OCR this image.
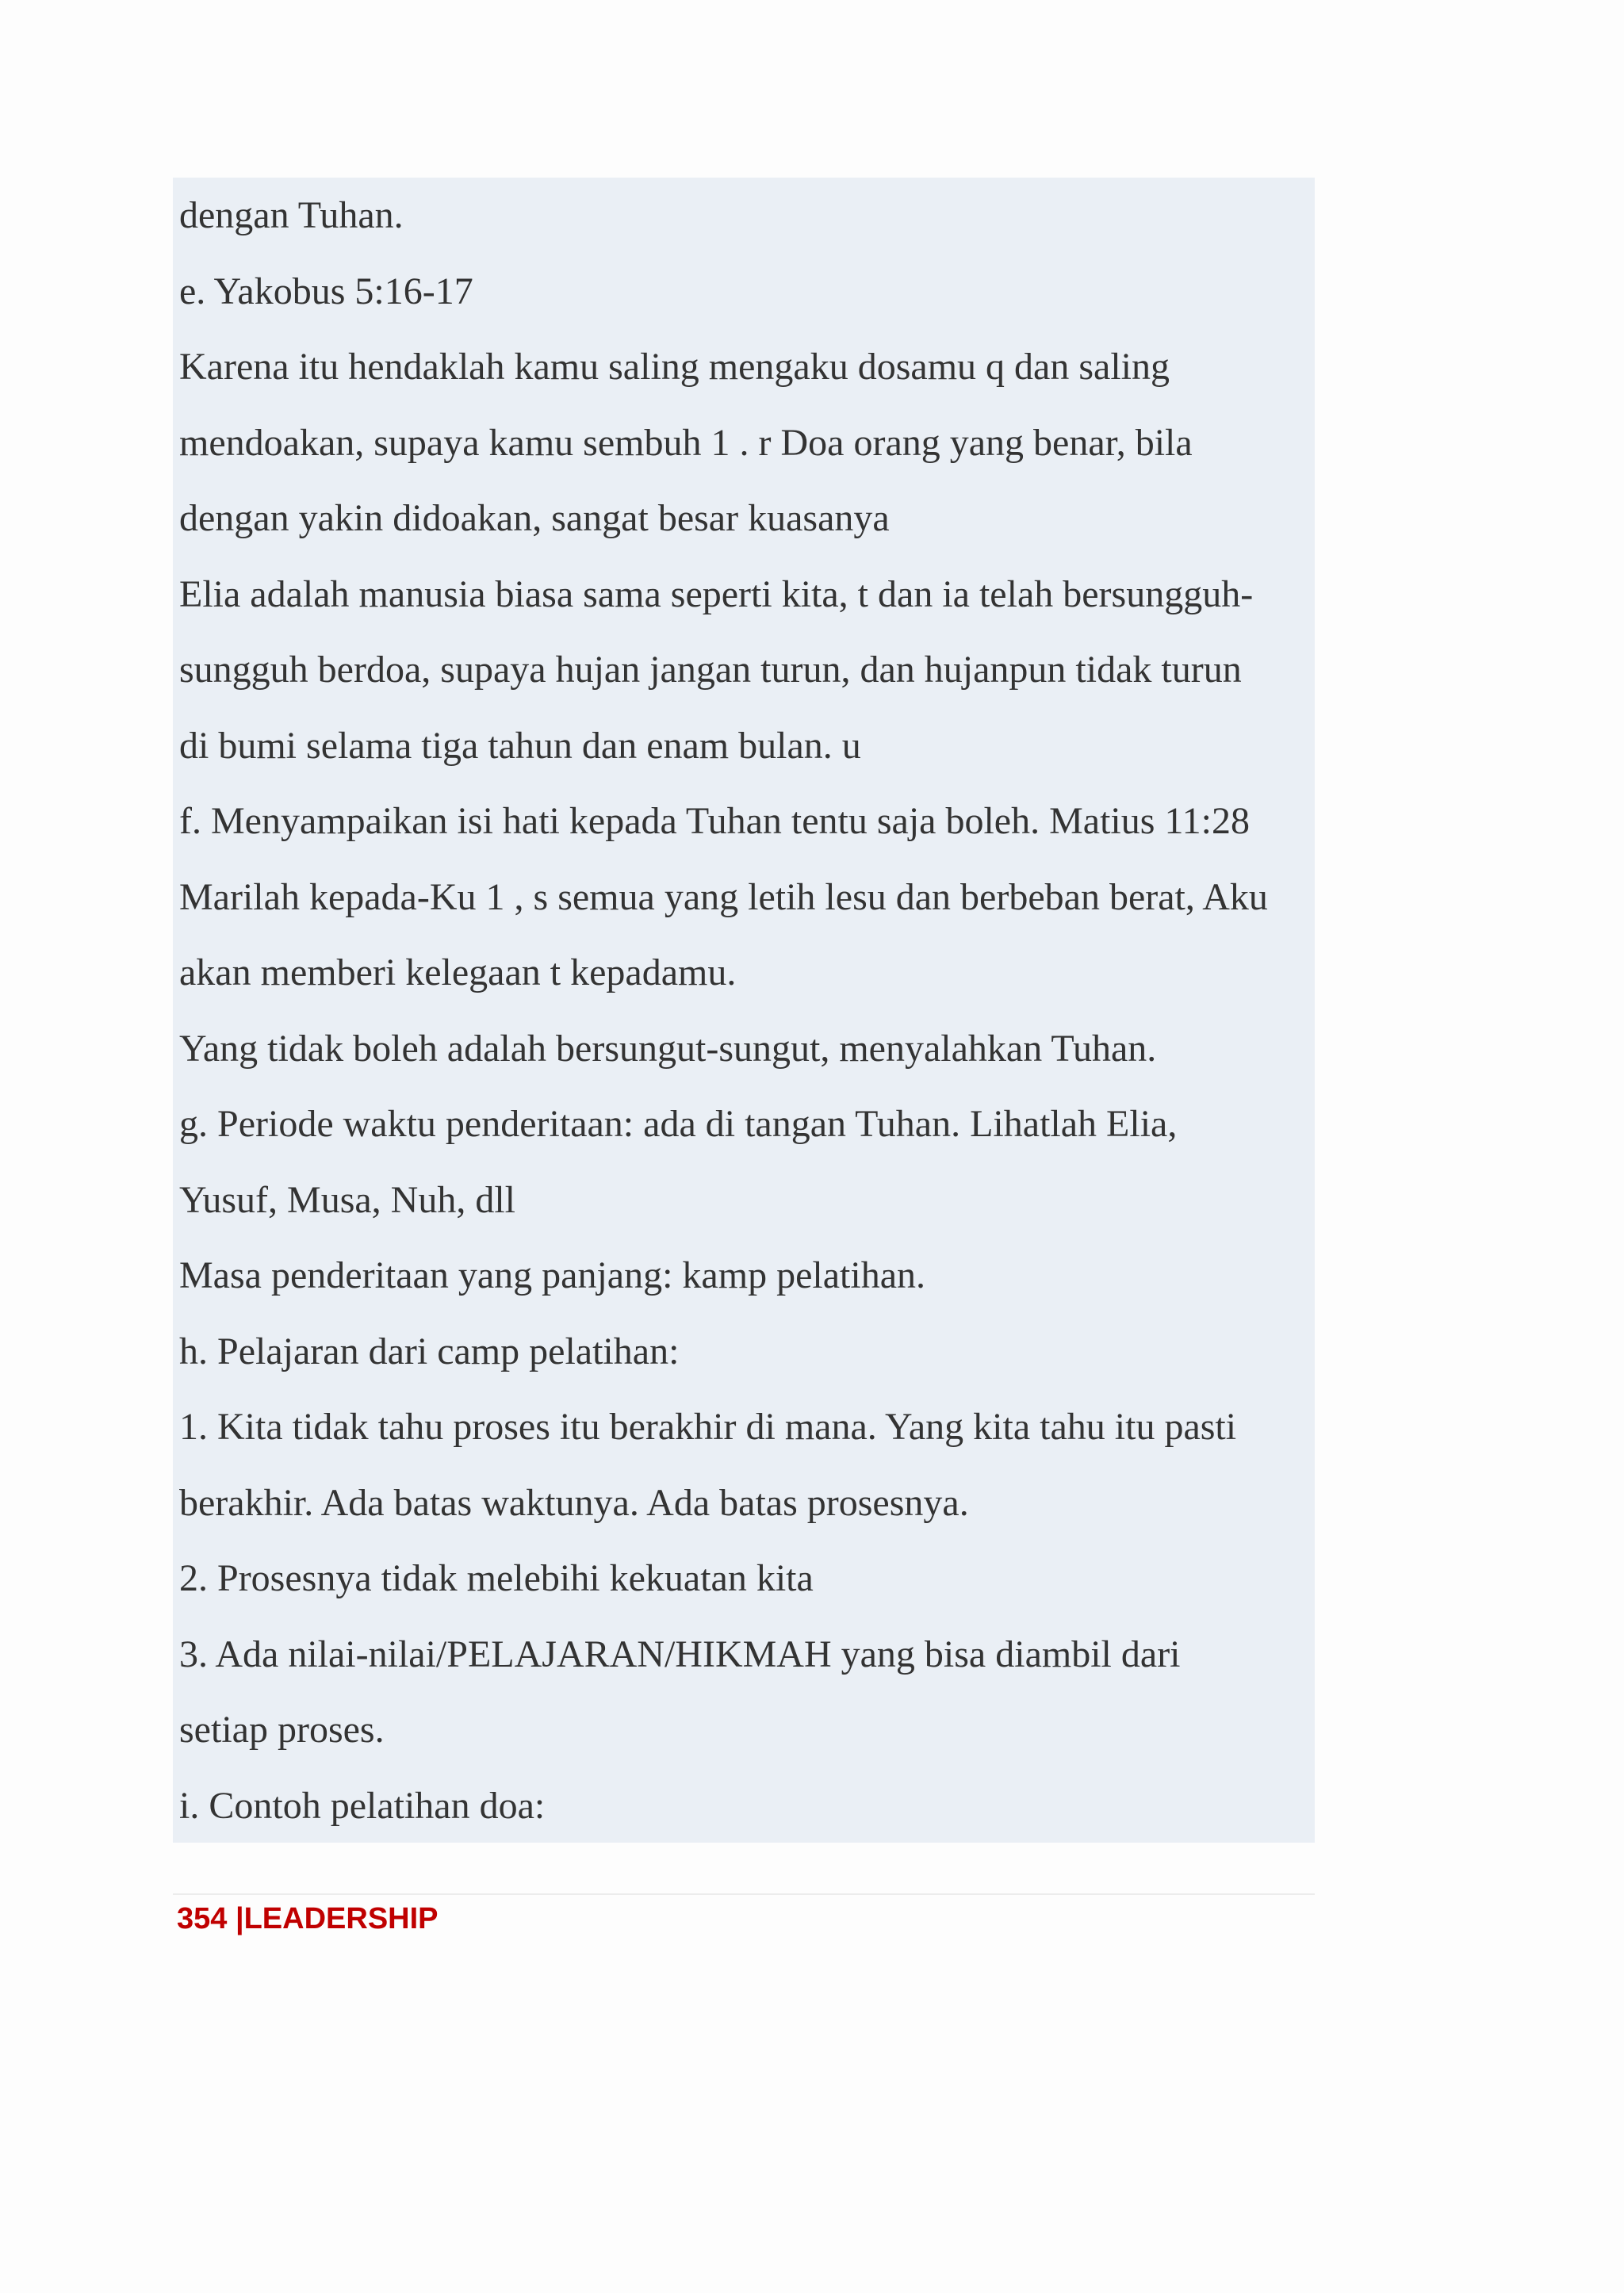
dengan Tuhan.
e. Yakobus 5:16-17
Karena itu hendaklah kamu saling mengaku dosamu q dan saling
mendoakan, supaya kamu sembuh 1 . r Doa orang yang benar, bila
dengan yakin didoakan, sangat besar kuasanya
Elia adalah manusia biasa sama seperti kita, t dan ia telah bersungguh-
sungguh berdoa, supaya hujan jangan turun, dan hujanpun tidak turun
di bumi selama tiga tahun dan enam bulan. u
f. Menyampaikan isi hati kepada Tuhan tentu saja boleh. Matius 11:28
Marilah kepada-Ku 1 , s semua yang letih lesu dan berbeban berat, Aku
akan memberi kelegaan t kepadamu.
Yang tidak boleh adalah bersungut-sungut, menyalahkan Tuhan.
g. Periode waktu penderitaan: ada di tangan Tuhan. Lihatlah Elia,
Yusuf, Musa, Nuh, dll
Masa penderitaan yang panjang: kamp pelatihan.
h. Pelajaran dari camp pelatihan:
1. Kita tidak tahu proses itu berakhir di mana. Yang kita tahu itu pasti
berakhir. Ada batas waktunya. Ada batas prosesnya.
2. Prosesnya tidak melebihi kekuatan kita
3. Ada nilai-nilai/PELAJARAN/HIKMAH yang bisa diambil dari
setiap proses.
i. Contoh pelatihan doa:
354 |LEADERSHIP
